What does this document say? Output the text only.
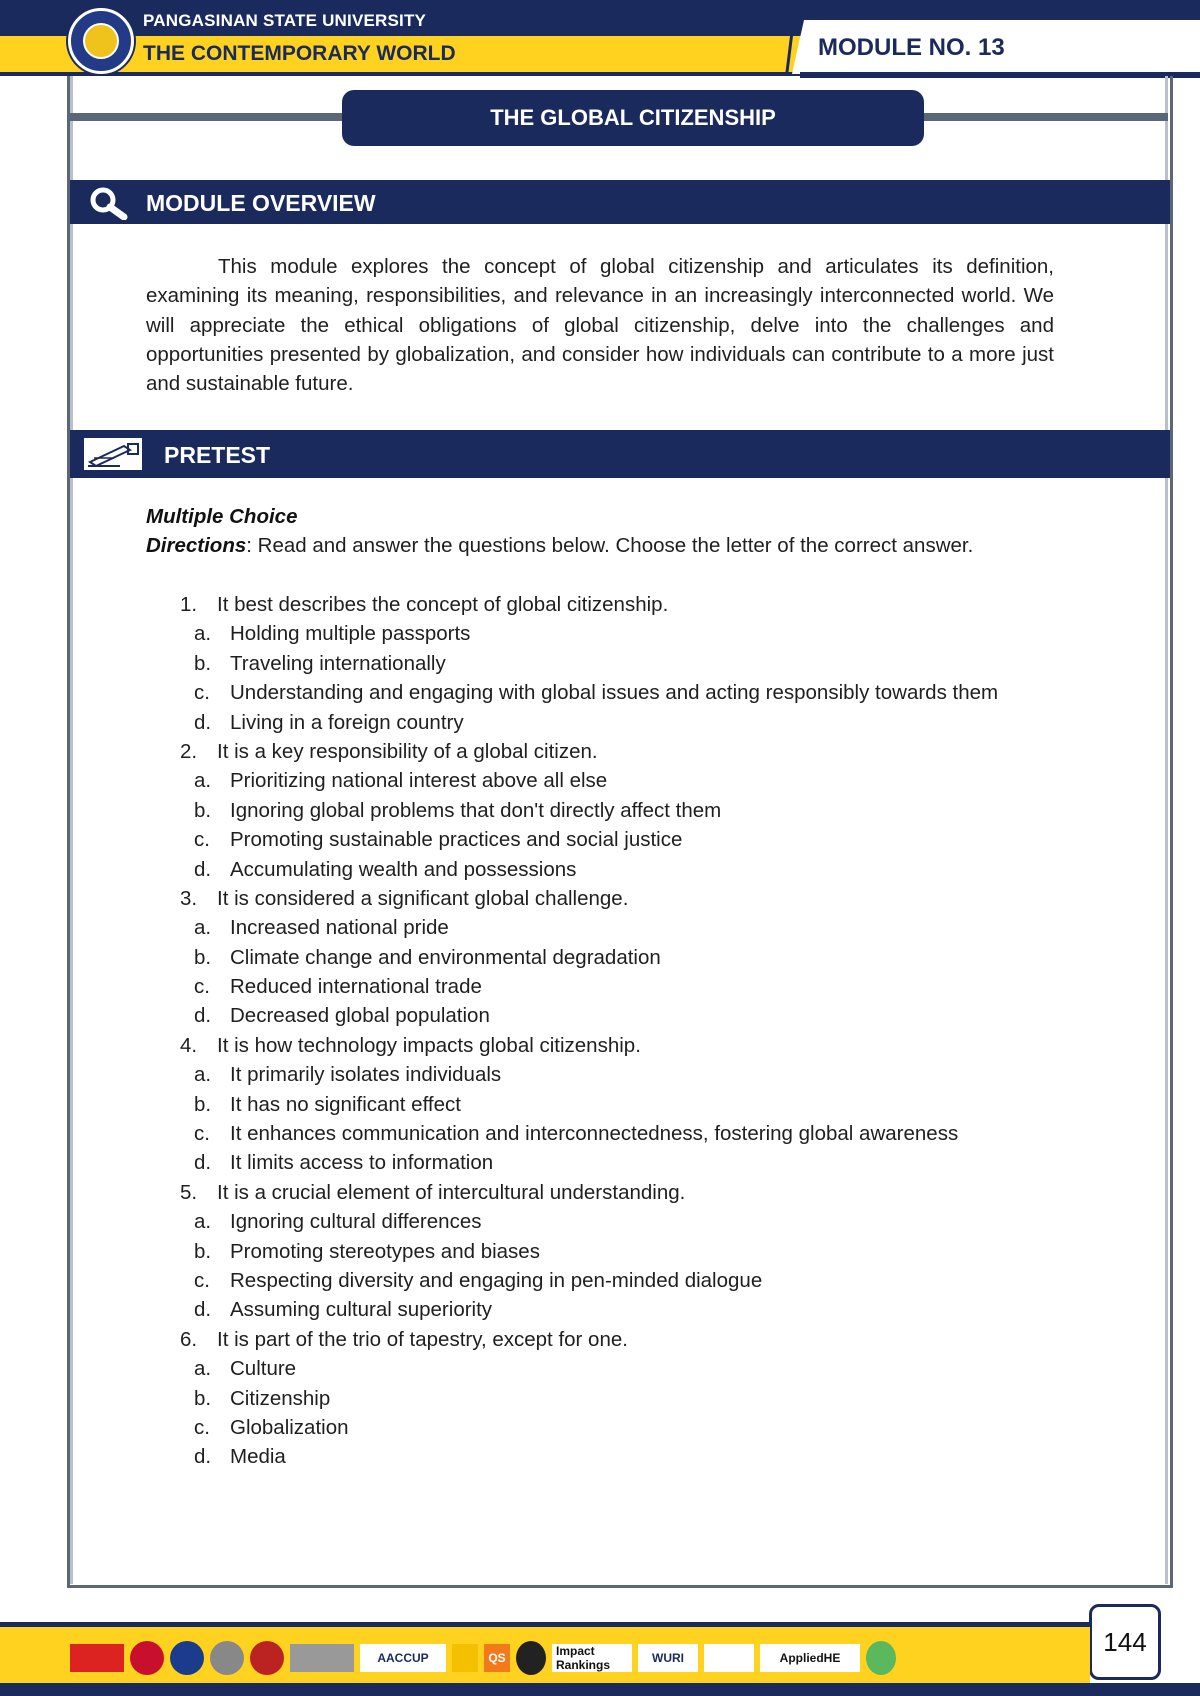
PANGASINAN STATE UNIVERSITY
THE CONTEMPORARY WORLD	MODULE NO. 13
THE GLOBAL CITIZENSHIP
MODULE OVERVIEW
This module explores the concept of global citizenship and articulates its definition, examining its meaning, responsibilities, and relevance in an increasingly interconnected world. We will appreciate the ethical obligations of global citizenship, delve into the challenges and opportunities presented by globalization, and consider how individuals can contribute to a more just and sustainable future.
PRETEST
Multiple Choice
Directions: Read and answer the questions below. Choose the letter of the correct answer.
1. It best describes the concept of global citizenship.
a. Holding multiple passports
b. Traveling internationally
c. Understanding and engaging with global issues and acting responsibly towards them
d. Living in a foreign country
2. It is a key responsibility of a global citizen.
a. Prioritizing national interest above all else
b. Ignoring global problems that don't directly affect them
c. Promoting sustainable practices and social justice
d. Accumulating wealth and possessions
3. It is considered a significant global challenge.
a. Increased national pride
b. Climate change and environmental degradation
c. Reduced international trade
d. Decreased global population
4. It is how technology impacts global citizenship.
a. It primarily isolates individuals
b. It has no significant effect
c. It enhances communication and interconnectedness, fostering global awareness
d. It limits access to information
5. It is a crucial element of intercultural understanding.
a. Ignoring cultural differences
b. Promoting stereotypes and biases
c. Respecting diversity and engaging in pen-minded dialogue
d. Assuming cultural superiority
6. It is part of the trio of tapestry, except for one.
a. Culture
b. Citizenship
c. Globalization
d. Media
144
AACCUP	QS	Impact Rankings	WURI	AppliedHE
